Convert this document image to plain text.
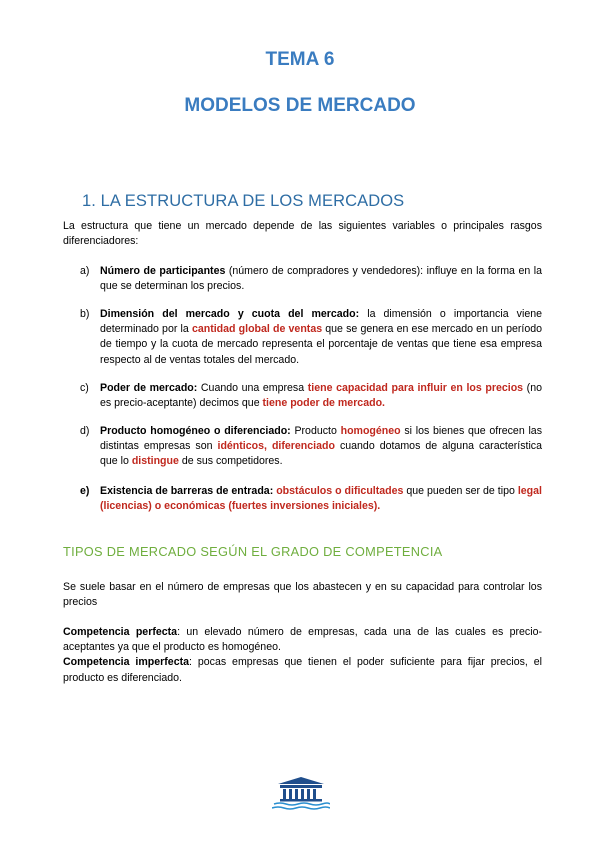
TEMA 6
MODELOS DE MERCADO
1. LA ESTRUCTURA DE LOS MERCADOS
La estructura que tiene un mercado depende de las siguientes variables o principales rasgos diferenciadores:
a) Número de participantes (número de compradores y vendedores): influye en la forma en la que se determinan los precios.
b) Dimensión del mercado y cuota del mercado: la dimensión o importancia viene determinado por la cantidad global de ventas que se genera en ese mercado en un período de tiempo y la cuota de mercado representa el porcentaje de ventas que tiene esa empresa respecto al de ventas totales del mercado.
c)	Poder de mercado: Cuando una empresa tiene capacidad para influir en los precios (no es precio-aceptante) decimos que tiene poder de mercado.
d) Producto homogéneo o diferenciado: Producto homogéneo si los bienes que ofrecen las distintas empresas son idénticos, diferenciado cuando dotamos de alguna característica que lo distingue de sus competidores.
e) Existencia de barreras de entrada: obstáculos o dificultades que pueden ser de tipo legal (licencias) o económicas (fuertes inversiones iniciales).
TIPOS DE MERCADO SEGÚN EL GRADO DE COMPETENCIA
Se suele basar en el número de empresas que los abastecen y en su capacidad para controlar los precios
Competencia perfecta: un elevado número de empresas, cada una de las cuales es precio-aceptantes ya que el producto es homogéneo.
Competencia imperfecta: pocas empresas que tienen el poder suficiente para fijar precios, el producto es diferenciado.
